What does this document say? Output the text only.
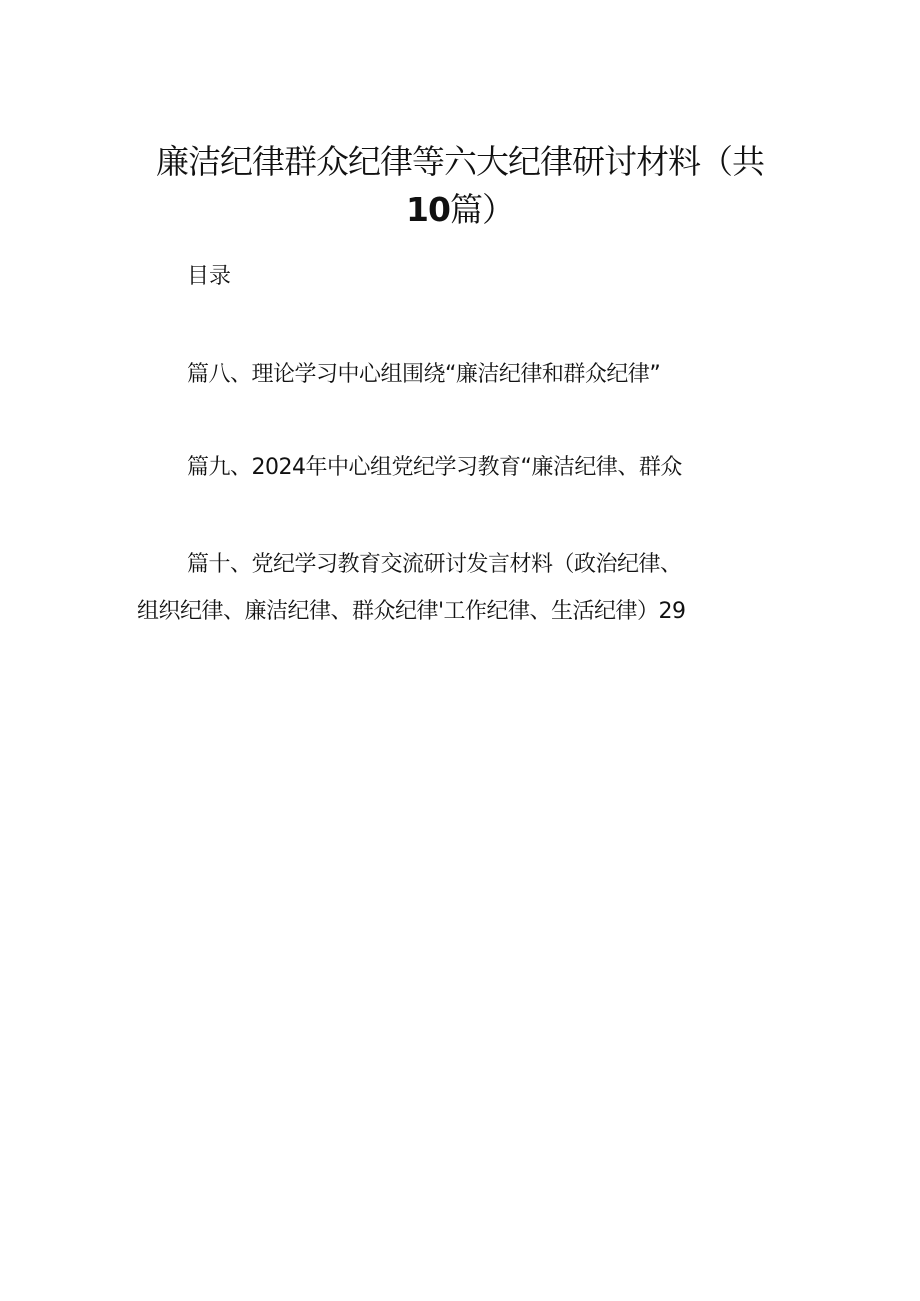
廉洁纪律群众纪律等六大纪律研讨材料（共
10篇）
目录
篇八、理论学习中心组围绕“廉洁纪律和群众纪律”
篇九、2024年中心组党纪学习教育“廉洁纪律、群众
篇十、党纪学习教育交流研讨发言材料（政治纪律、
组织纪律、廉洁纪律、群众纪律'工作纪律、生活纪律）29
